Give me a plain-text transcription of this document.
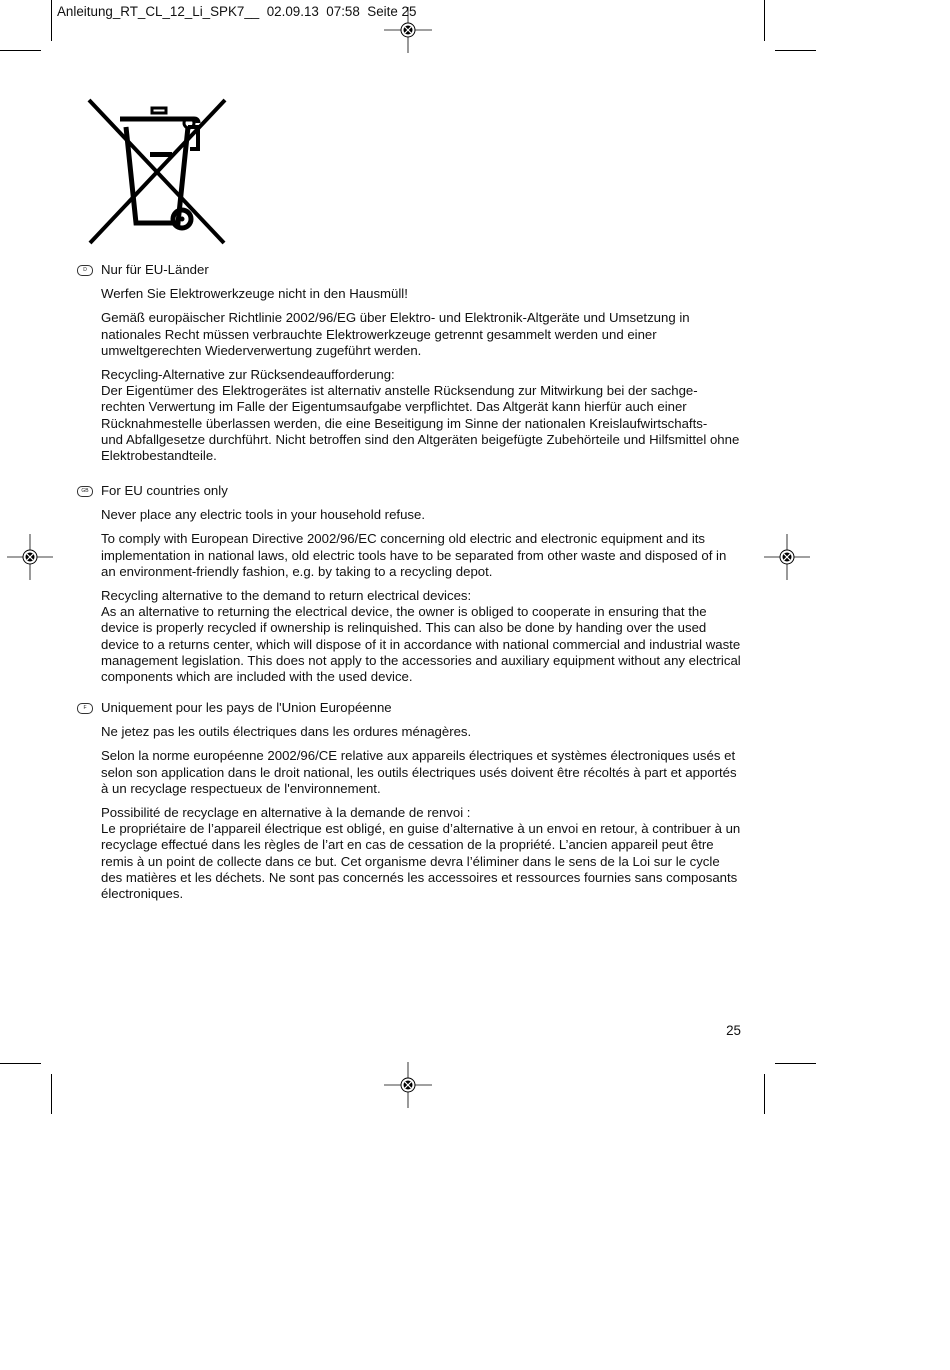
Anleitung_RT_CL_12_Li_SPK7__ 02.09.13 07:58 Seite 25
D	Nur für EU-Länder

Werfen Sie Elektrowerkzeuge nicht in den Hausmüll!

Gemäß europäischer Richtlinie 2002/96/EG über Elektro- und Elektronik-Altgeräte und Umsetzung in nationales Recht müssen verbrauchte Elektrowerkzeuge getrennt gesammelt werden und einer umweltgerechten Wiederverwertung zugeführt werden.

Recycling-Alternative zur Rücksendeaufforderung:
Der Eigentümer des Elektrogerätes ist alternativ anstelle Rücksendung zur Mitwirkung bei der sachge-
rechten Verwertung im Falle der Eigentumsaufgabe verpflichtet. Das Altgerät kann hierfür auch einer Rücknahmestelle überlassen werden, die eine Beseitigung im Sinne der nationalen Kreislaufwirtschafts-
und Abfallgesetze durchführt. Nicht betroffen sind den Altgeräten beigefügte Zubehörteile und Hilfsmittel ohne Elektrobestandteile.

GB For EU countries only

Never place any electric tools in your household refuse.

To comply with European Directive 2002/96/EC concerning old electric and electronic equipment and its implementation in national laws, old electric tools have to be separated from other waste and disposed of in an environment-friendly fashion, e.g. by taking to a recycling depot.

Recycling alternative to the demand to return electrical devices:
As an alternative to returning the electrical device, the owner is obliged to cooperate in ensuring that the device is properly recycled if ownership is relinquished. This can also be done by handing over the used device to a returns center, which will dispose of it in accordance with national commercial and industrial waste management legislation. This does not apply to the accessories and auxiliary equipment without any electrical components which are included with the used device.

F	Uniquement pour les pays de l'Union Européenne

Ne jetez pas les outils électriques dans les ordures ménagères.

Selon la norme européenne 2002/96/CE relative aux appareils électriques et systèmes électroniques usés et selon son application dans le droit national, les outils électriques usés doivent être récoltés à part et apportés à un recyclage respectueux de l'environnement.

Possibilité de recyclage en alternative à la demande de renvoi :
Le propriétaire de l’appareil électrique est obligé, en guise d’alternative à un envoi en retour, à contribuer à un recyclage effectué dans les règles de l’art en cas de cessation de la propriété. L’ancien appareil peut être remis à un point de collecte dans ce but. Cet organisme devra l’éliminer dans le sens de la Loi sur le cycle des matières et les déchets. Ne sont pas concernés les accessoires et ressources fournies sans composants électroniques.

25
